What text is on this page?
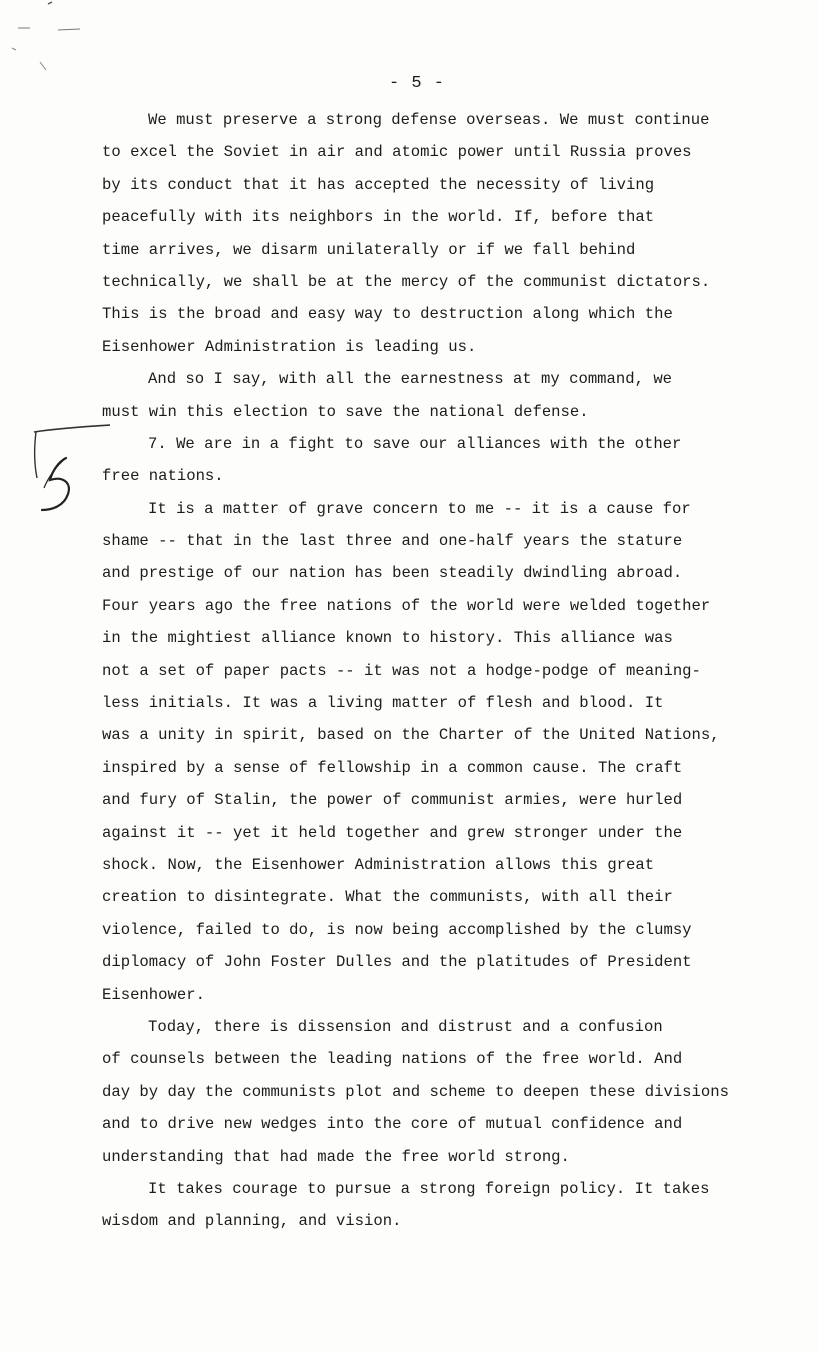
- 5 -
We must preserve a strong defense overseas. We must continue
to excel the Soviet in air and atomic power until Russia proves
by its conduct that it has accepted the necessity of living
peacefully with its neighbors in the world. If, before that
time arrives, we disarm unilaterally or if we fall behind
technically, we shall be at the mercy of the communist dictators.
This is the broad and easy way to destruction along which the
Eisenhower Administration is leading us.
And so I say, with all the earnestness at my command, we
must win this election to save the national defense.
7. We are in a fight to save our alliances with the other
free nations.
It is a matter of grave concern to me -- it is a cause for
shame -- that in the last three and one-half years the stature
and prestige of our nation has been steadily dwindling abroad.
Four years ago the free nations of the world were welded together
in the mightiest alliance known to history. This alliance was
not a set of paper pacts -- it was not a hodge-podge of meaning-
less initials. It was a living matter of flesh and blood. It
was a unity in spirit, based on the Charter of the United Nations,
inspired by a sense of fellowship in a common cause. The craft
and fury of Stalin, the power of communist armies, were hurled
against it -- yet it held together and grew stronger under the
shock. Now, the Eisenhower Administration allows this great
creation to disintegrate. What the communists, with all their
violence, failed to do, is now being accomplished by the clumsy
diplomacy of John Foster Dulles and the platitudes of President
Eisenhower.
Today, there is dissension and distrust and a confusion
of counsels between the leading nations of the free world. And
day by day the communists plot and scheme to deepen these divisions
and to drive new wedges into the core of mutual confidence and
understanding that had made the free world strong.
It takes courage to pursue a strong foreign policy. It takes
wisdom and planning, and vision.
